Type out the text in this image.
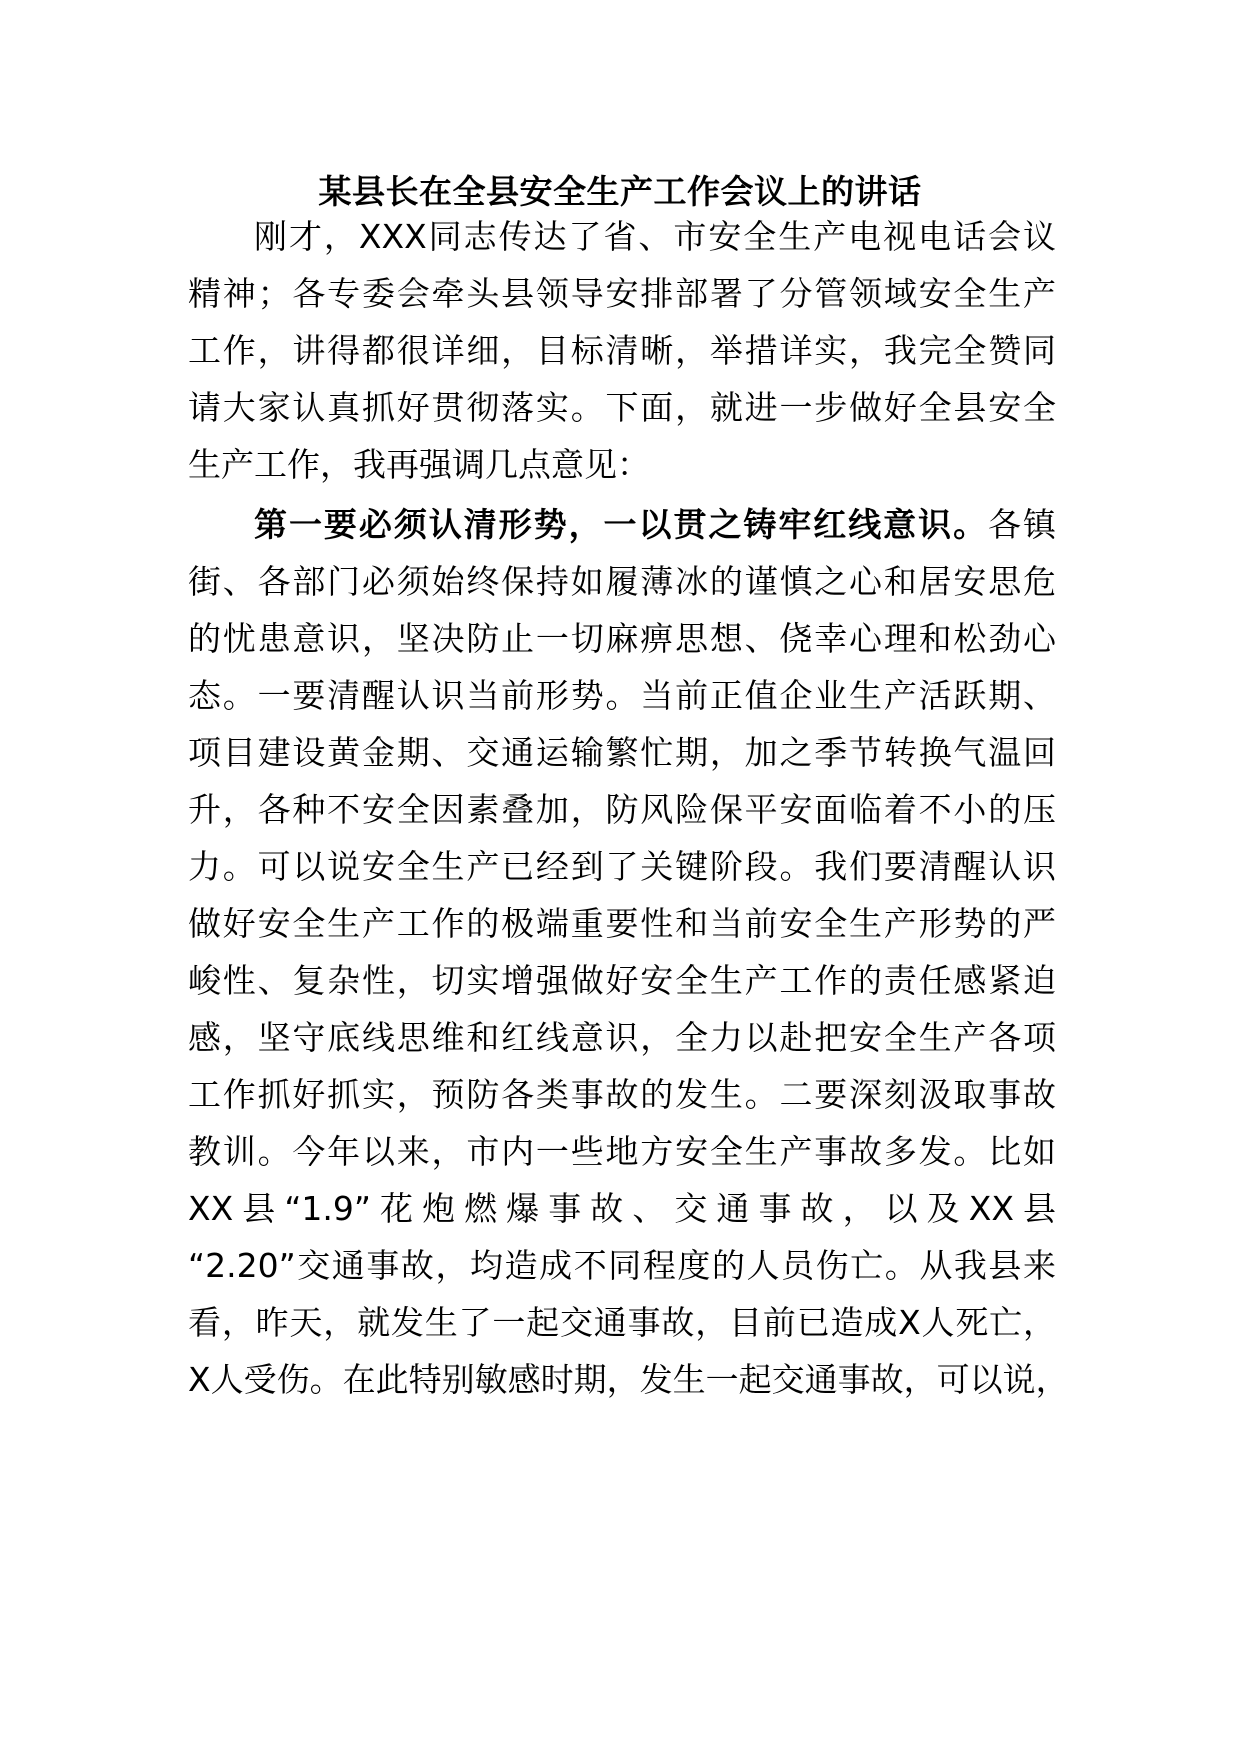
某县长在全县安全生产工作会议上的讲话
刚才，XXX同志传达了省、市安全生产电视电话会议
精神；各专委会牵头县领导安排部署了分管领域安全生产
工作，讲得都很详细，目标清晰，举措详实，我完全赞同
请大家认真抓好贯彻落实。下面，就进一步做好全县安全
生产工作，我再强调几点意见：
第一要必须认清形势，一以贯之铸牢红线意识。各镇
街、各部门必须始终保持如履薄冰的谨慎之心和居安思危
的忧患意识，坚决防止一切麻痹思想、侥幸心理和松劲心
态。一要清醒认识当前形势。当前正值企业生产活跃期、
项目建设黄金期、交通运输繁忙期，加之季节转换气温回
升，各种不安全因素叠加，防风险保平安面临着不小的压
力。可以说安全生产已经到了关键阶段。我们要清醒认识
做好安全生产工作的极端重要性和当前安全生产形势的严
峻性、复杂性，切实增强做好安全生产工作的责任感紧迫
感，坚守底线思维和红线意识，全力以赴把安全生产各项
工作抓好抓实，预防各类事故的发生。二要深刻汲取事故
教训。今年以来，市内一些地方安全生产事故多发。比如
XX县“1.9”花炮燃爆事故、交通事故，以及XX县
“2.20”交通事故，均造成不同程度的人员伤亡。从我县来
看，昨天，就发生了一起交通事故，目前已造成X人死亡，
X人受伤。在此特别敏感时期，发生一起交通事故，可以说，
